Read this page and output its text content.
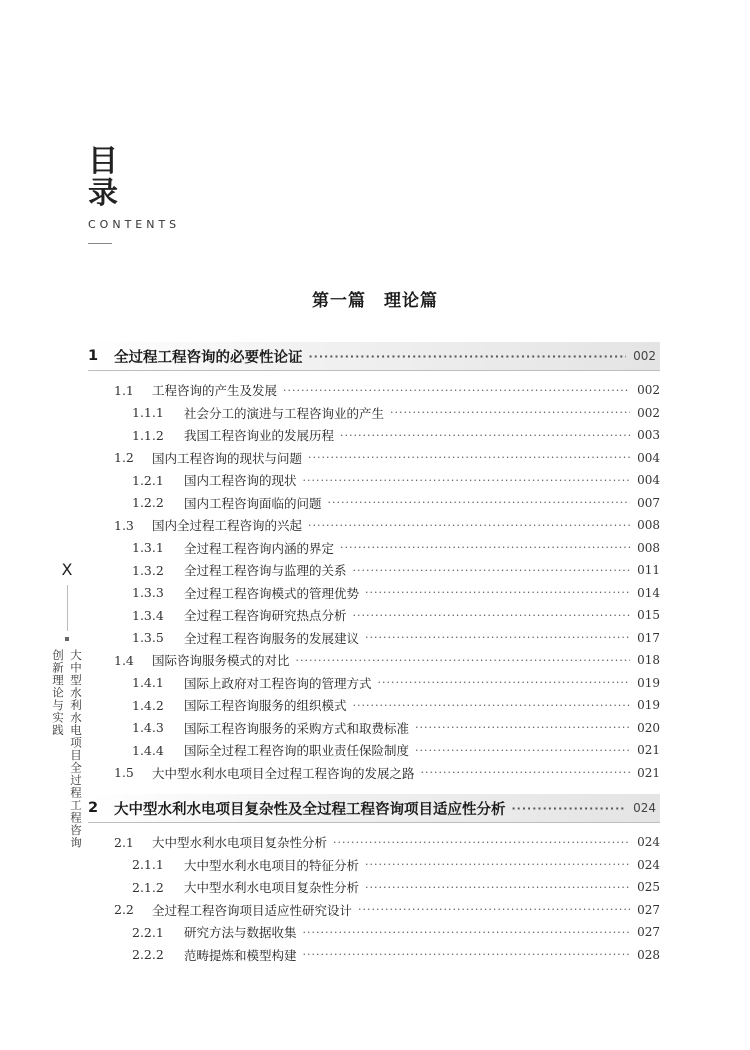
目
录
CONTENTS
第一篇　理论篇
1	全过程工程咨询的必要性论证 ·····	002
1.1	工程咨询的产生及发展 ·····	002
1.1.1	社会分工的演进与工程咨询业的产生 ·····	002
1.1.2	我国工程咨询业的发展历程 ·····	003
1.2	国内工程咨询的现状与问题 ·····	004
1.2.1	国内工程咨询的现状 ·····	004
1.2.2	国内工程咨询面临的问题 ·····	007
1.3	国内全过程工程咨询的兴起 ·····	008
1.3.1	全过程工程咨询内涵的界定 ·····	008
1.3.2	全过程工程咨询与监理的关系 ·····	011
1.3.3	全过程工程咨询模式的管理优势 ·····	014
1.3.4	全过程工程咨询研究热点分析 ·····	015
1.3.5	全过程工程咨询服务的发展建议 ·····	017
1.4	国际咨询服务模式的对比 ·····	018
1.4.1	国际上政府对工程咨询的管理方式 ·····	019
1.4.2	国际工程咨询服务的组织模式 ·····	019
1.4.3	国际工程咨询服务的采购方式和取费标准 ·····	020
1.4.4	国际全过程工程咨询的职业责任保险制度 ·····	021
1.5	大中型水利水电项目全过程工程咨询的发展之路 ·····	021
2	大中型水利水电项目复杂性及全过程工程咨询项目适应性分析 ·····	024
2.1	大中型水利水电项目复杂性分析 ·····	024
2.1.1	大中型水利水电项目的特征分析 ·····	024
2.1.2	大中型水利水电项目复杂性分析 ·····	025
2.2	全过程工程咨询项目适应性研究设计 ·····	027
2.2.1	研究方法与数据收集 ·····	027
2.2.2	范畴提炼和模型构建 ·····	028
X
大中型水利水电项目全过程工程咨询
创新理论与实践
